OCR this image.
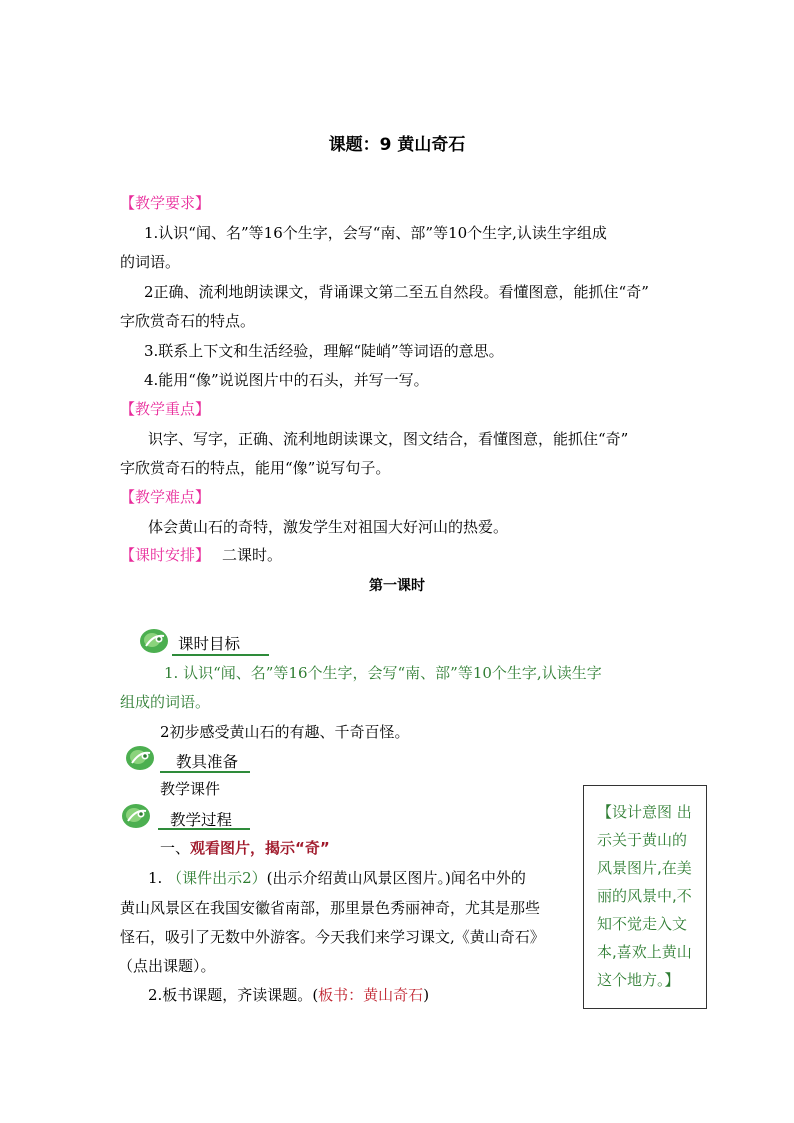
课题：9 黄山奇石
【教学要求】
1.认识“闻、名”等16个生字，会写“南、部”等10个生字,认读生字组成
的词语。
2正确、流利地朗读课文，背诵课文第二至五自然段。看懂图意，能抓住“奇”
字欣赏奇石的特点。
3.联系上下文和生活经验，理解“陡峭”等词语的意思。
4.能用“像”说说图片中的石头，并写一写。
【教学重点】
识字、写字，正确、流利地朗读课文，图文结合，看懂图意，能抓住“奇”
字欣赏奇石的特点，能用“像”说写句子。
【教学难点】
体会黄山石的奇特，激发学生对祖国大好河山的热爱。
【课时安排】 二课时。
第一课时
课时目标
1. 认识“闻、名”等16个生字，会写“南、部”等10个生字,认读生字
组成的词语。
2初步感受黄山石的有趣、千奇百怪。
教具准备
教学课件
教学过程
一、观看图片，揭示“奇”
1. （课件出示2）(出示介绍黄山风景区图片。)闻名中外的
黄山风景区在我国安徽省南部，那里景色秀丽神奇，尤其是那些
怪石，吸引了无数中外游客。今天我们来学习课文,《黄山奇石》
（点出课题）。
2.板书课题，齐读课题。(板书：黄山奇石)
【设计意图 出
示关于黄山的
风景图片,在美
丽的风景中,不
知不觉走入文
本,喜欢上黄山
这个地方。】
